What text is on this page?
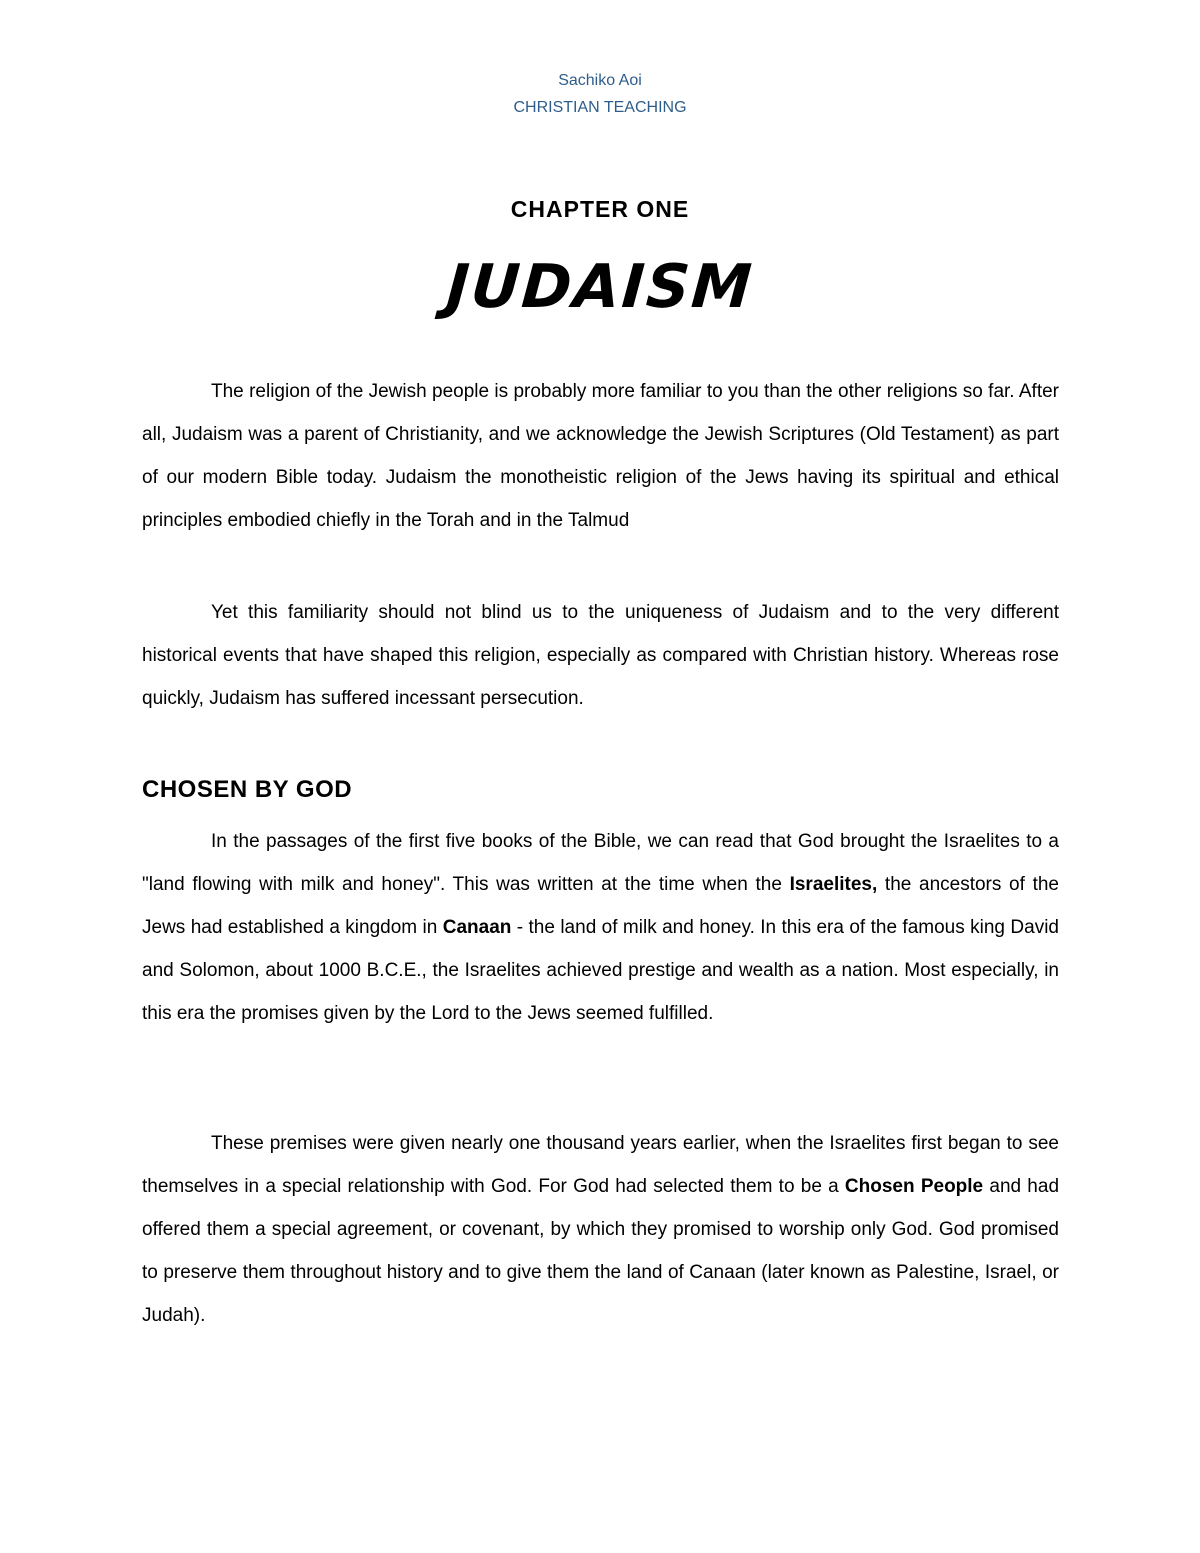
Sachiko Aoi
CHRISTIAN TEACHING
CHAPTER ONE
JUDAISM

The religion of the Jewish people is probably more familiar to you than the other religions so far. After all, Judaism was a parent of Christianity, and we acknowledge the Jewish Scriptures (Old Testament) as part of our modern Bible today. Judaism the monotheistic religion of the Jews having its spiritual and ethical principles embodied chiefly in the Torah and in the Talmud

Yet this familiarity should not blind us to the uniqueness of Judaism and to the very different historical events that have shaped this religion, especially as compared with Christian history. Whereas rose quickly, Judaism has suffered incessant persecution.

CHOSEN BY GOD

In the passages of the first five books of the Bible, we can read that God brought the Israelites to a "land flowing with milk and honey". This was written at the time when the Israelites, the ancestors of the Jews had established a kingdom in Canaan - the land of milk and honey. In this era of the famous king David and Solomon, about 1000 B.C.E., the Israelites achieved prestige and wealth as a nation. Most especially, in this era the promises given by the Lord to the Jews seemed fulfilled.

These premises were given nearly one thousand years earlier, when the Israelites first began to see themselves in a special relationship with God. For God had selected them to be a Chosen People and had offered them a special agreement, or covenant, by which they promised to worship only God. God promised to preserve them throughout history and to give them the land of Canaan (later known as Palestine, Israel, or Judah).
